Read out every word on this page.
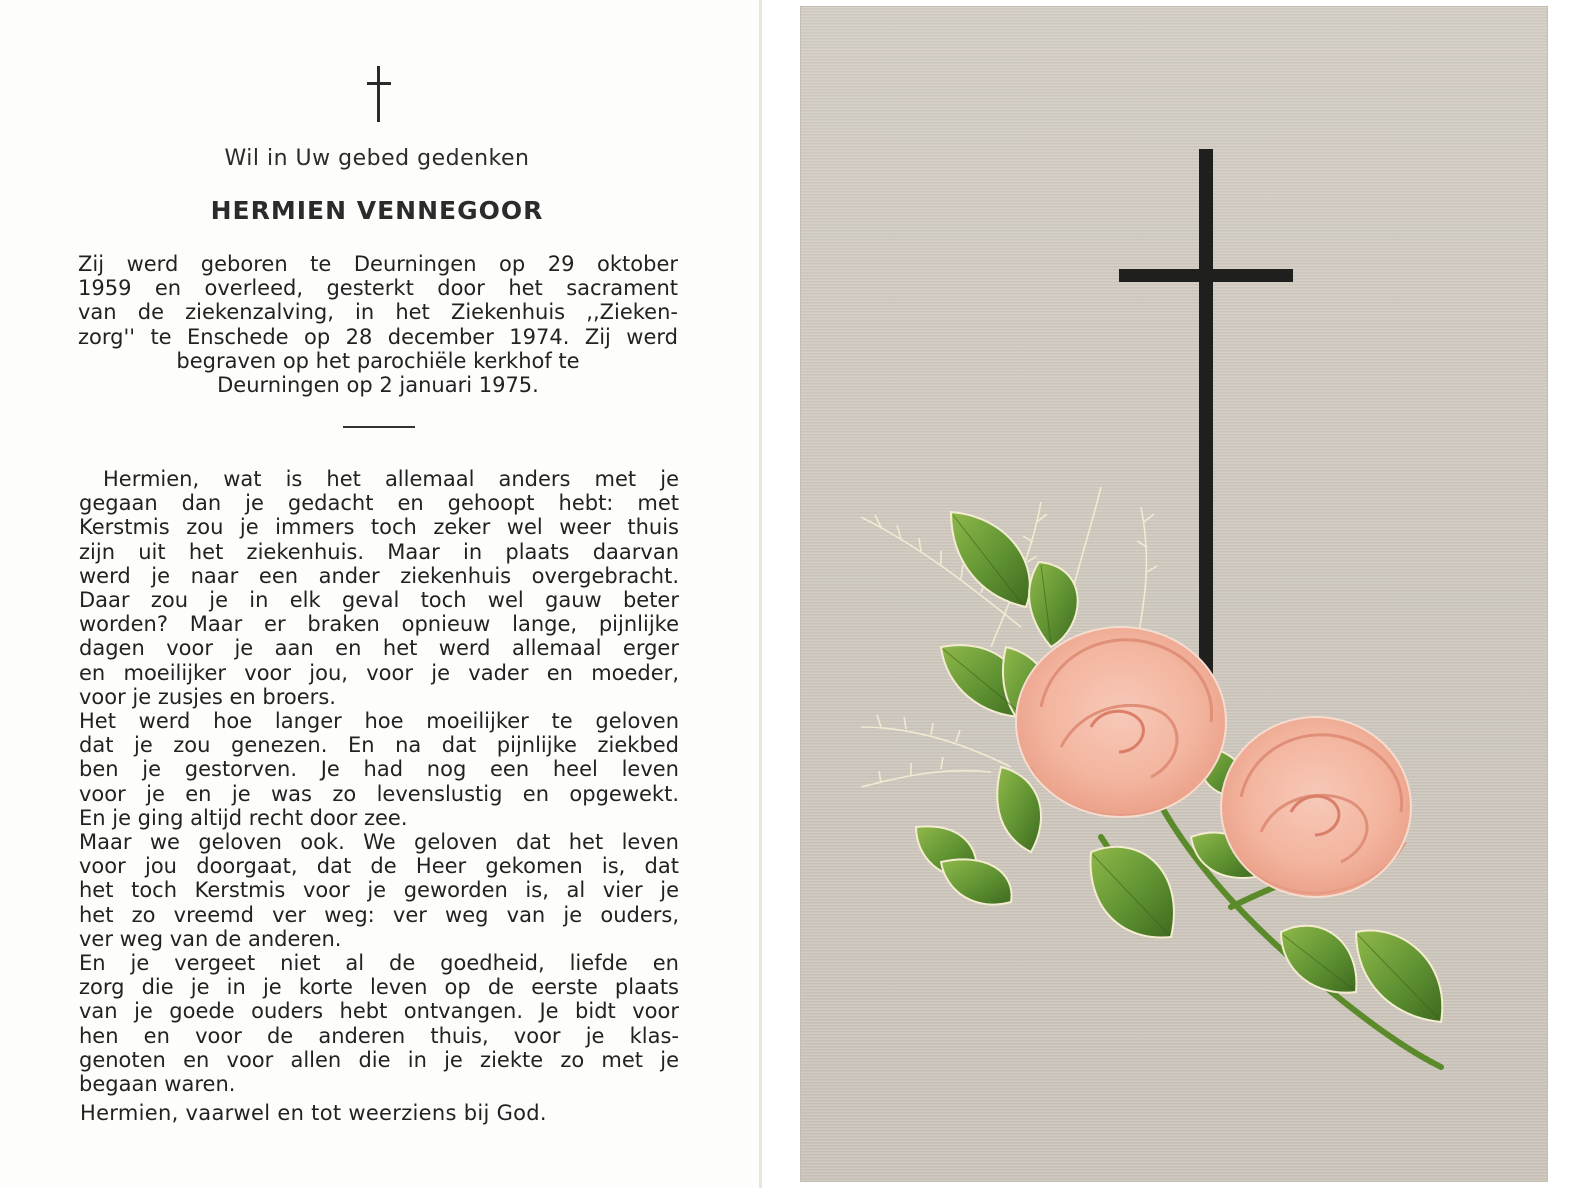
Wil in Uw gebed gedenken
HERMIEN VENNEGOOR
Zij werd geboren te Deurningen op 29 oktober
1959 en overleed, gesterkt door het sacrament
van de ziekenzalving, in het Ziekenhuis ,,Zieken-
zorg'' te Enschede op 28 december 1974. Zij werd
begraven op het parochiële kerkhof te
Deurningen op 2 januari 1975.
Hermien, wat is het allemaal anders met je
gegaan dan je gedacht en gehoopt hebt: met
Kerstmis zou je immers toch zeker wel weer thuis
zijn uit het ziekenhuis. Maar in plaats daarvan
werd je naar een ander ziekenhuis overgebracht.
Daar zou je in elk geval toch wel gauw beter
worden? Maar er braken opnieuw lange, pijnlijke
dagen voor je aan en het werd allemaal erger
en moeilijker voor jou, voor je vader en moeder,
voor je zusjes en broers.
Het werd hoe langer hoe moeilijker te geloven
dat je zou genezen. En na dat pijnlijke ziekbed
ben je gestorven. Je had nog een heel leven
voor je en je was zo levenslustig en opgewekt.
En je ging altijd recht door zee.
Maar we geloven ook. We geloven dat het leven
voor jou doorgaat, dat de Heer gekomen is, dat
het toch Kerstmis voor je geworden is, al vier je
het zo vreemd ver weg: ver weg van je ouders,
ver weg van de anderen.
En je vergeet niet al de goedheid, liefde en
zorg die je in je korte leven op de eerste plaats
van je goede ouders hebt ontvangen. Je bidt voor
hen en voor de anderen thuis, voor je klas-
genoten en voor allen die in je ziekte zo met je
begaan waren.
Hermien, vaarwel en tot weerziens bij God.
